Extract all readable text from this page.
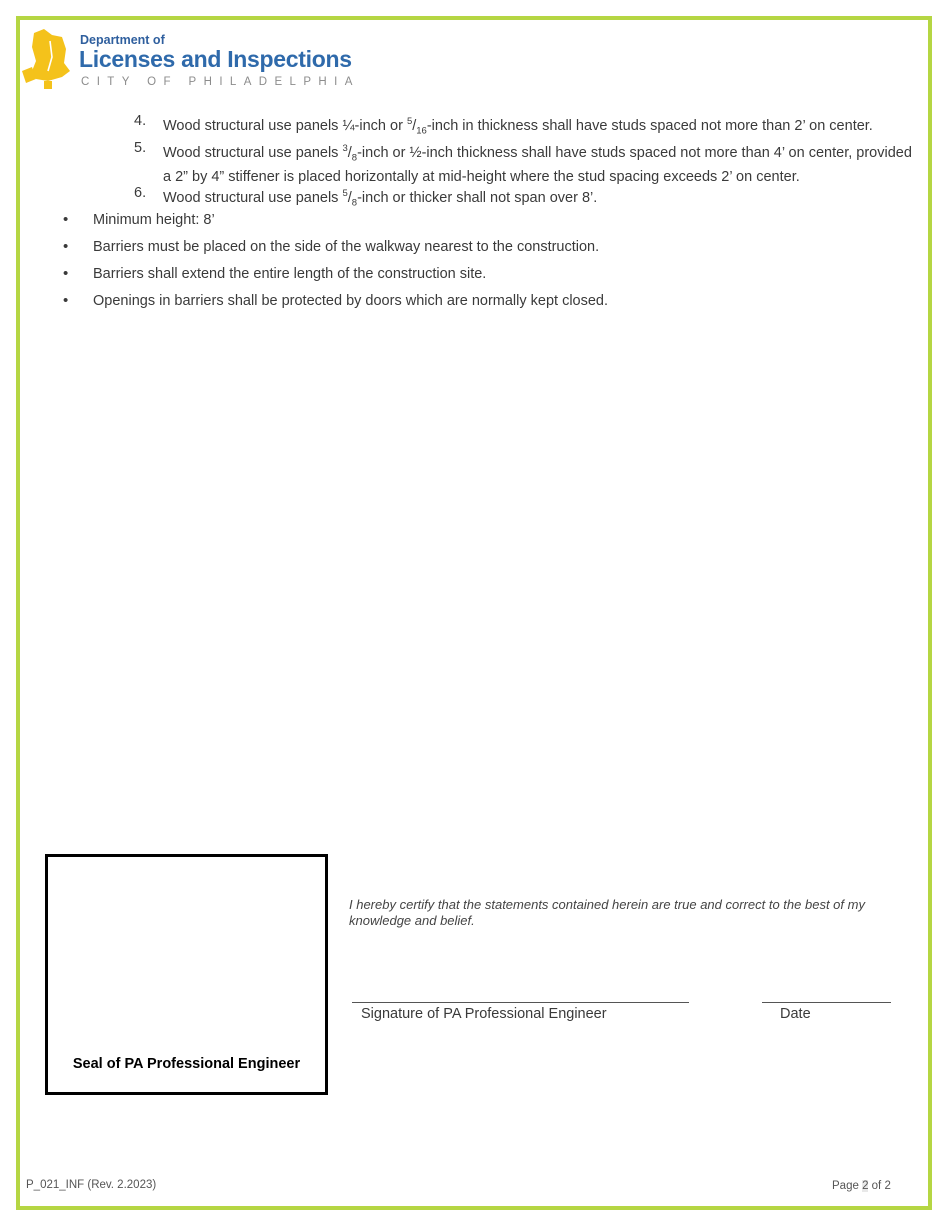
Department of
Licenses and Inspections
CITY OF PHILADELPHIA
4. Wood structural use panels ¼-inch or $^5/_{16}$-inch in thickness shall have studs spaced not more than 2’ on center.
5. Wood structural use panels $^3/_8$-inch or ½-inch thickness shall have studs spaced not more than 4’ on center, provided a 2” by 4” stiffener is placed horizontally at mid-height where the stud spacing exceeds 2’ on center.
6. Wood structural use panels $^5/_8$-inch or thicker shall not span over 8’.
• Minimum height: 8’
• Barriers must be placed on the side of the walkway nearest to the construction.
• Barriers shall extend the entire length of the construction site.
• Openings in barriers shall be protected by doors which are normally kept closed.
Seal of PA Professional Engineer
I hereby certify that the statements contained herein are true and correct to the best of my knowledge and belief.
Signature of PA Professional Engineer	Date
P_021_INF (Rev. 2.2023)	Page 2 of 2
